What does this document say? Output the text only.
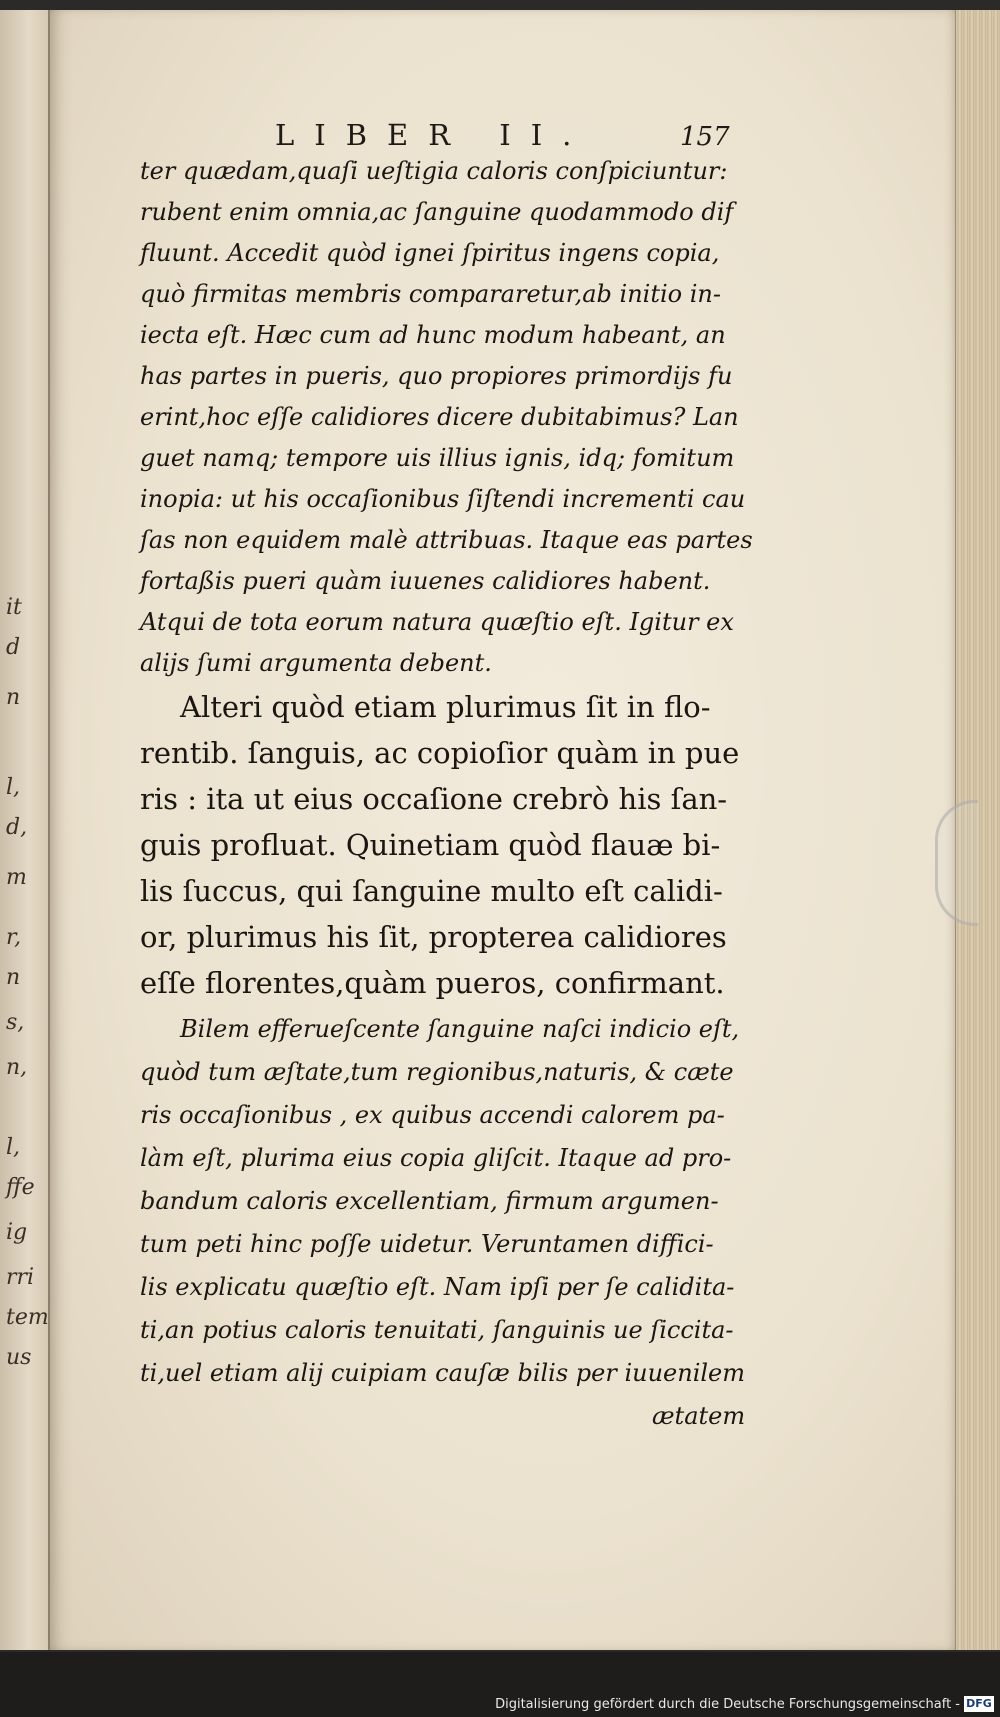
it
d
n
l,
d,
m
r,
n
s,
n,
l,
ffe
ig
rri
tem
us
LIBER II.	157
ter quædam,quaſi ueſtigia caloris conſpiciuntur:
rubent enim omnia,ac ſanguine quodammodo dif
fluunt. Accedit quòd ignei ſpiritus ingens copia,
quò firmitas membris compararetur,ab initio in-
iecta eſt. Hæc cum ad hunc modum habeant, an
has partes in pueris, quo propiores primordijs fu
erint,hoc eſſe calidiores dicere dubitabimus? Lan
guet namq; tempore uis illius ignis, idq; fomitum
inopia: ut his occaſionibus ſiſtendi incrementi cau
ſas non equidem malè attribuas. Itaque eas partes
fortaßis pueri quàm iuuenes calidiores habent.
Atqui de tota eorum natura quæſtio eſt. Igitur ex
alijs ſumi argumenta debent.
Alteri quòd etiam plurimus ſit in flo-
rentib. ſanguis, ac copioſior quàm in pue
ris : ita ut eius occaſione crebrò his ſan-
guis profluat. Quinetiam quòd flauæ bi-
lis ſuccus, qui ſanguine multo eſt calidi-
or, plurimus his ſit, propterea calidiores
eſſe florentes,quàm pueros, confirmant.
Bilem efferueſcente ſanguine naſci indicio eſt,
quòd tum æſtate,tum regionibus,naturis, & cæte
ris occaſionibus , ex quibus accendi calorem pa-
làm eſt, plurima eius copia gliſcit. Itaque ad pro-
bandum caloris excellentiam, firmum argumen-
tum peti hinc poſſe uidetur. Veruntamen diffici-
lis explicatu quæſtio eſt. Nam ipſi per ſe calidita-
ti,an potius caloris tenuitati, ſanguinis ue ſiccita-
ti,uel etiam alij cuipiam cauſæ bilis per iuuenilem
ætatem
Digitalisierung gefördert durch die Deutsche Forschungsgemeinschaft - DFG
